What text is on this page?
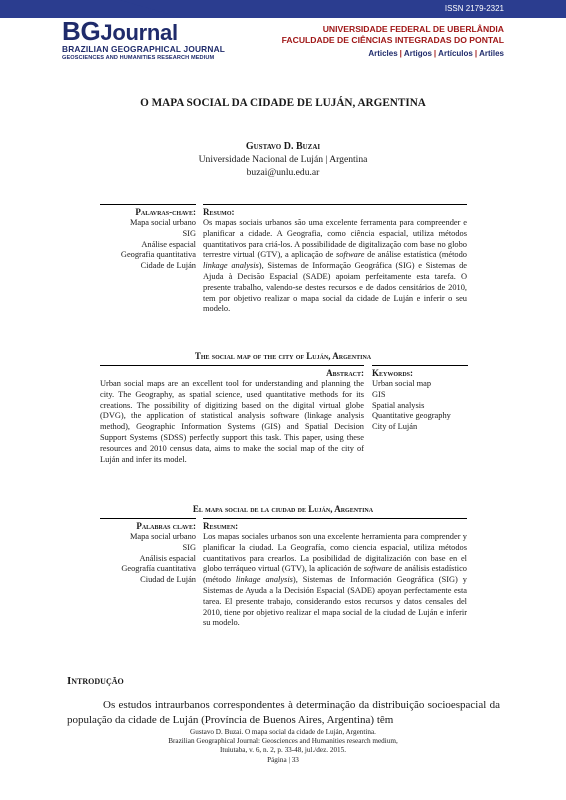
ISSN 2179-2321
BGJournal
BRAZILIAN GEOGRAPHICAL JOURNAL
GEOSCIENCES AND HUMANITIES RESEARCH MEDIUM
UNIVERSIDADE FEDERAL DE UBERLÂNDIA
FACULDADE DE CIÊNCIAS INTEGRADAS DO PONTAL
Articles | Artigos | Artículos | Artiles
O MAPA SOCIAL DA CIDADE DE LUJÁN, ARGENTINA
Gustavo D. Buzai
Universidade Nacional de Luján | Argentina
buzai@unlu.edu.ar
Palavras-chave:
Mapa social urbano
SIG
Análise espacial
Geografia quantitativa
Cidade de Luján
Resumo:
Os mapas sociais urbanos são uma excelente ferramenta para compreender e planificar a cidade. A Geografia, como ciência espacial, utiliza métodos quantitativos para criá-los. A possibilidade de digitalização com base no globo terrestre virtual (GTV), a aplicação de software de análise estatística (método linkage analysis), Sistemas de Informação Geográfica (SIG) e Sistemas de Ajuda à Decisão Espacial (SADE) apoiam perfeitamente esta tarefa. O presente trabalho, valendo-se destes recursos e de dados censitários de 2010, tem por objetivo realizar o mapa social da cidade de Luján e inferir o seu modelo.
The social map of the city of Luján, Argentina
Abstract:
Urban social maps are an excellent tool for understanding and planning the city. The Geography, as spatial science, used quantitative methods for its creations. The possibility of digitizing based on the digital virtual globe (DVG), the application of statistical analysis software (linkage analysis method), Geographic Information Systems (GIS) and Spatial Decision Support Systems (SDSS) perfectly support this task. This paper, using these resources and 2010 census data, aims to make the social map of the city of Luján and infer its model.
Keywords:
Urban social map
GIS
Spatial analysis
Quantitative geography
City of Luján
El mapa social de la ciudad de Luján, Argentina
Palabras clave:
Mapa social urbano
SIG
Análisis espacial
Geografía cuantitativa
Ciudad de Luján
Resumen:
Los mapas sociales urbanos son una excelente herramienta para comprender y planificar la ciudad. La Geografía, como ciencia espacial, utiliza métodos cuantitativos para crearlos. La posibilidad de digitalización con base en el globo terráqueo virtual (GTV), la aplicación de software de análisis estadístico (método linkage analysis), Sistemas de Información Geográfica (SIG) y Sistemas de Ayuda a la Decisión Espacial (SADE) apoyan perfectamente esta tarea. El presente trabajo, considerando estos recursos y datos censales del 2010, tiene por objetivo realizar el mapa social de la ciudad de Luján e inferir su modelo.
Introdução
Os estudos intraurbanos correspondentes à determinação da distribuição socioespacial da população da cidade de Luján (Província de Buenos Aires, Argentina) têm
Gustavo D. Buzai. O mapa social da cidade de Luján, Argentina.
Brazilian Geographical Journal: Geosciences and Humanities research medium,
Ituiutaba, v. 6, n. 2, p. 33-48, jul./dez. 2015.
Página | 33
